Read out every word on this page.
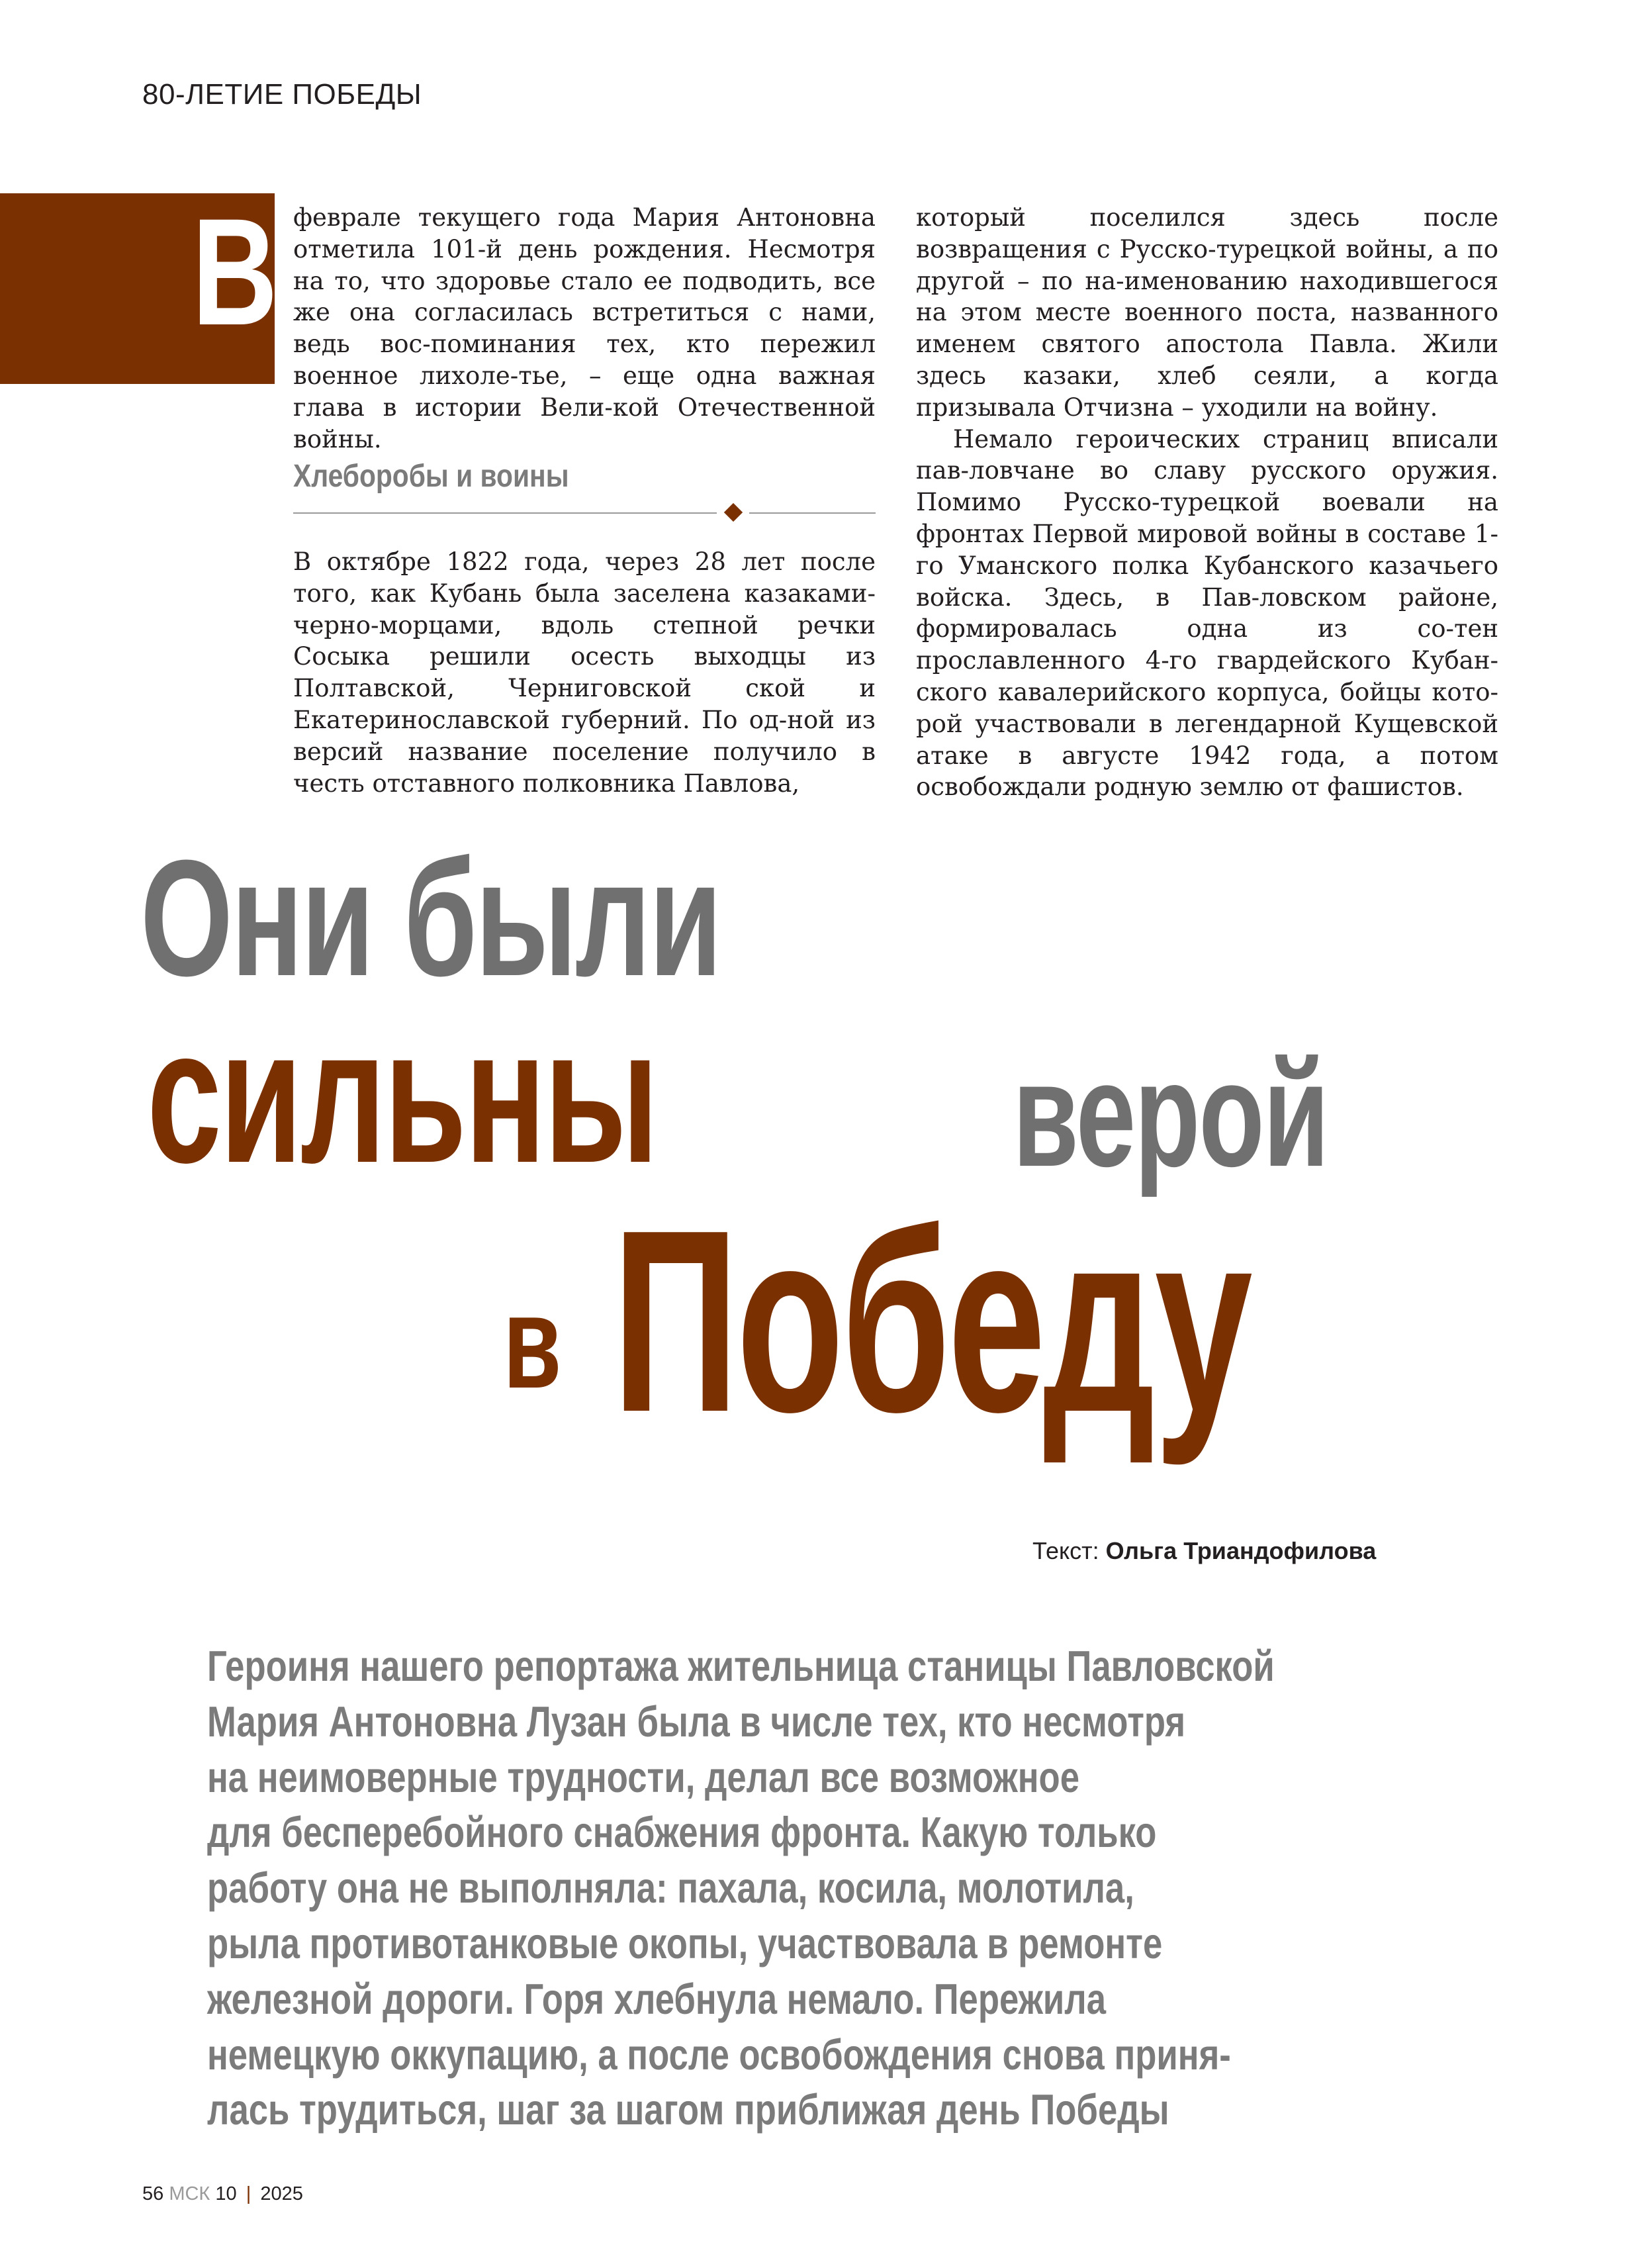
80-ЛЕТИЕ ПОБЕДЫ
В феврале текущего года Мария Антоновна отметила 101-й день рождения. Несмотря на то, что здоровье стало ее подводить, все же она согласилась встретиться с нами, ведь вос-поминания тех, кто пережил военное лихоле-тье, – еще одна важная глава в истории Вели-кой Отечественной войны.

Хлеборобы и воины

В октябре 1822 года, через 28 лет после того, как Кубань была заселена казаками-черно-морцами, вдоль степной речки Сосыка решили осесть выходцы из Полтавской, Черниговской ской и Екатеринославской губерний. По од-ной из версий название поселение получило в честь отставного полковника Павлова,

который поселился здесь после возвращения с Русско-турецкой войны, а по другой – по на-именованию находившегося на этом месте военного поста, названного именем святого апостола Павла. Жили здесь казаки, хлеб сеяли, а когда призывала Отчизна – уходили на войну.

Немало героических страниц вписали пав-ловчане во славу русского оружия. Помимо Русско-турецкой воевали на фронтах Первой мировой войны в составе 1-го Уманского полка Кубанского казачьего войска. Здесь, в Пав-ловском районе, формировалась одна из со-тен прославленного 4-го гвардейского Кубан-ского кавалерийского корпуса, бойцы кото-рой участвовали в легендарной Кущевской атаке в августе 1942 года, а потом освобождали родную землю от фашистов.

Они были
сильны верой
в Победу
Текст: Ольга Триандофилова
Героиня нашего репортажа жительница станицы Павловской
Мария Антоновна Лузан была в числе тех, кто несмотря
на неимоверные трудности, делал все возможное
для бесперебойного снабжения фронта. Какую только
работу она не выполняла: пахала, косила, молотила,
рыла противотанковые окопы, участвовала в ремонте
железной дороги. Горя хлебнула немало. Пережила
немецкую оккупацию, а после освобождения снова приня-
лась трудиться, шаг за шагом приближая день Победы
56 МСК 10 | 2025
